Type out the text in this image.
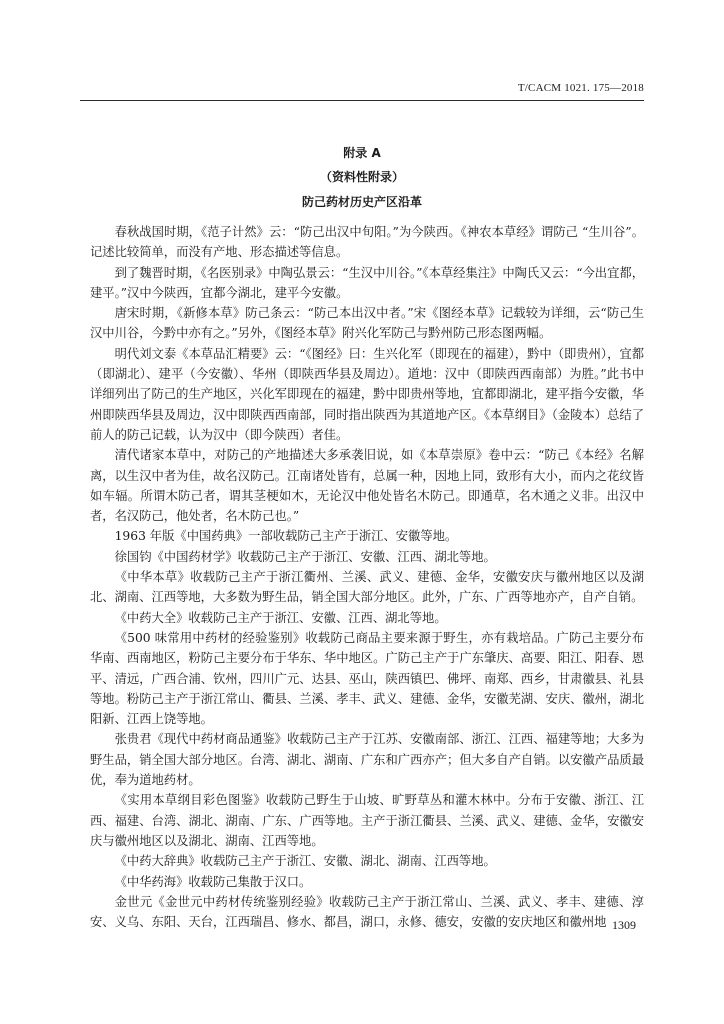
T/CACM 1021. 175—2018
附录 A
（资料性附录）
防己药材历史产区沿革

春秋战国时期，《范子计然》云：“防己出汉中旬阳。”为今陕西。《神农本草经》谓防己 “生川谷”。记述比较简单，而没有产地、形态描述等信息。

到了魏晋时期，《名医别录》中陶弘景云：“生汉中川谷。”《本草经集注》中陶氏又云：“今出宜都，建平。”汉中今陕西，宜都今湖北，建平今安徽。

唐宋时期，《新修本草》防己条云：“防己本出汉中者。”宋《图经本草》记载较为详细，云“防己生汉中川谷，今黔中亦有之。”另外，《图经本草》附兴化军防己与黔州防己形态图两幅。

明代刘文泰《本草品汇精要》云：“《图经》曰：生兴化军（即现在的福建），黔中（即贵州），宜都（即湖北）、建平（今安徽）、华州（即陕西华县及周边）。道地：汉中（即陕西西南部）为胜。”此书中详细列出了防己的生产地区，兴化军即现在的福建，黔中即贵州等地，宜都即湖北，建平指今安徽，华州即陕西华县及周边，汉中即陕西西南部，同时指出陕西为其道地产区。《本草纲目》（金陵本）总结了前人的防己记载，认为汉中（即今陕西）者佳。

清代诸家本草中，对防己的产地描述大多承袭旧说，如《本草崇原》卷中云：“防己《本经》名解离，以生汉中者为佳，故名汉防己。江南诸处皆有，总属一种，因地上同，致形有大小，而内之花纹皆如车辐。所谓木防己者，谓其茎梗如木，无论汉中他处皆名木防己。即通草，名木通之义非。出汉中者，名汉防己，他处者，名木防己也。”

1963 年版《中国药典》一部收载防己主产于浙江、安徽等地。

徐国钧《中国药材学》收载防己主产于浙江、安徽、江西、湖北等地。

《中华本草》收载防己主产于浙江衢州、兰溪、武义、建德、金华，安徽安庆与徽州地区以及湖北、湖南、江西等地，大多数为野生品，销全国大部分地区。此外，广东、广西等地亦产，自产自销。

《中药大全》收载防己主产于浙江、安徽、江西、湖北等地。

《500 味常用中药材的经验鉴别》收载防己商品主要来源于野生，亦有栽培品。广防己主要分布华南、西南地区，粉防己主要分布于华东、华中地区。广防己主产于广东肇庆、高要、阳江、阳春、恩平、清远，广西合浦、钦州，四川广元、达县、巫山，陕西镇巴、佛坪、南郑、西乡，甘肃徽县、礼县等地。粉防己主产于浙江常山、衢县、兰溪、孝丰、武义、建德、金华，安徽芜湖、安庆、徽州，湖北阳新、江西上饶等地。

张贵君《现代中药材商品通鉴》收载防己主产于江苏、安徽南部、浙江、江西、福建等地；大多为野生品，销全国大部分地区。台湾、湖北、湖南、广东和广西亦产；但大多自产自销。以安徽产品质最优，奉为道地药材。

《实用本草纲目彩色图鉴》收载防己野生于山坡、旷野草丛和灌木林中。分布于安徽、浙江、江西、福建、台湾、湖北、湖南、广东、广西等地。主产于浙江衢县、兰溪、武义、建德、金华，安徽安庆与徽州地区以及湖北、湖南、江西等地。

《中药大辞典》收载防己主产于浙江、安徽、湖北、湖南、江西等地。

《中华药海》收载防己集散于汉口。

金世元《金世元中药材传统鉴别经验》收载防己主产于浙江常山、兰溪、武义、孝丰、建德、淳安、义乌、东阳、天台，江西瑞昌、修水、都昌，湖口，永修、德安，安徽的安庆地区和徽州地 1309
